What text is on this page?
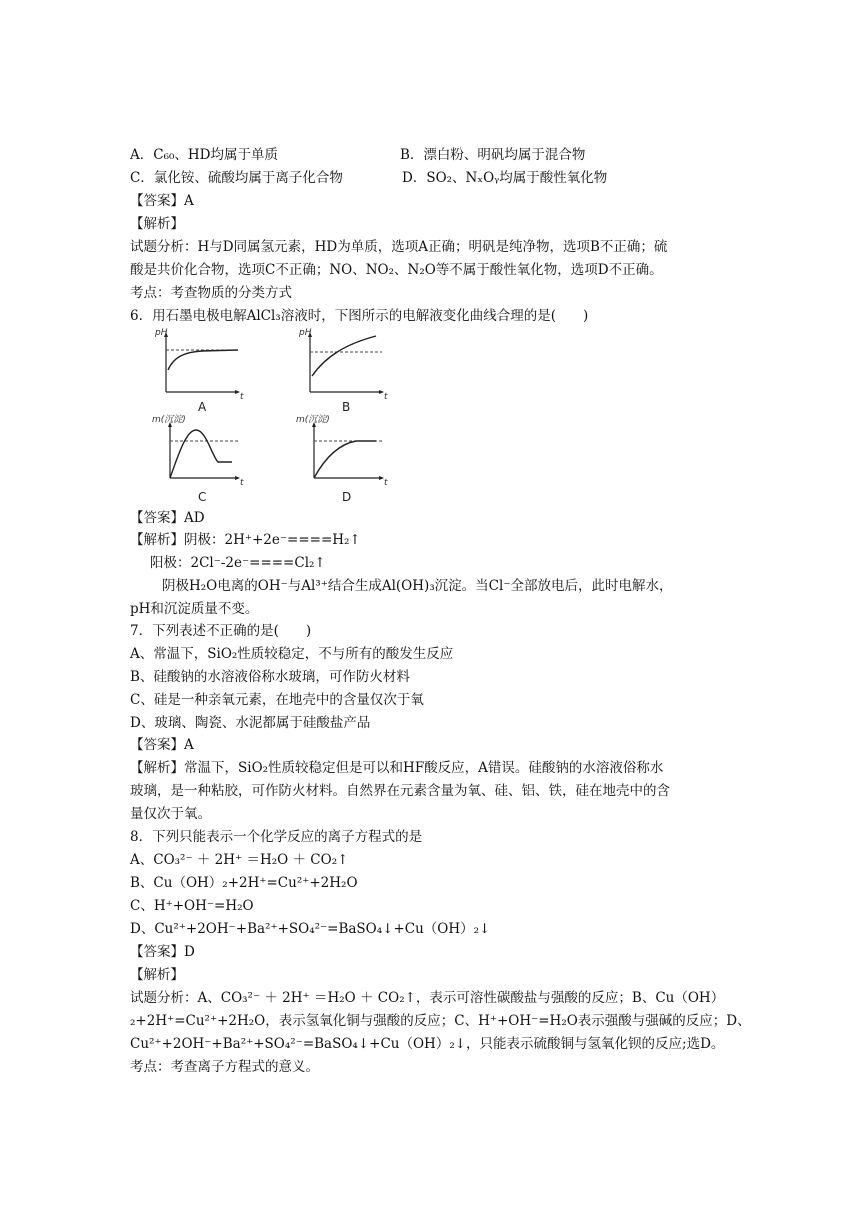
A．C₆₀、HD均属于单质	B．漂白粉、明矾均属于混合物
C．氯化铵、硫酸均属于离子化合物	D．SO₂、NₓOᵧ均属于酸性氧化物
【答案】A
【解析】
试题分析：H与D同属氢元素，HD为单质，选项A正确；明矾是纯净物，选项B不正确；硫
酸是共价化合物，选项C不正确；NO、NO₂、N₂O等不属于酸性氧化物，选项D不正确。
考点：考查物质的分类方式
6．用石墨电极电解AlCl₃溶液时，下图所示的电解液变化曲线合理的是(　　)
pH
t
A
pH
t
B
m(沉淀)
t
C
m(沉淀)
t
D
【答案】AD
【解析】阴极：2H⁺+2e⁻====H₂↑
阳极：2Cl⁻-2e⁻====Cl₂↑
阴极H₂O电离的OH⁻与Al³⁺结合生成Al(OH)₃沉淀。当Cl⁻全部放电后，此时电解水，
pH和沉淀质量不变。
7．下列表述不正确的是(　　)
A、常温下，SiO₂性质较稳定，不与所有的酸发生反应
B、硅酸钠的水溶液俗称水玻璃，可作防火材料
C、硅是一种亲氧元素，在地壳中的含量仅次于氧
D、玻璃、陶瓷、水泥都属于硅酸盐产品
【答案】A
【解析】常温下，SiO₂性质较稳定但是可以和HF酸反应，A错误。硅酸钠的水溶液俗称水
玻璃，是一种粘胶，可作防火材料。自然界在元素含量为氧、硅、铝、铁，硅在地壳中的含
量仅次于氧。
8．下列只能表示一个化学反应的离子方程式的是
A、CO₃²⁻ ＋ 2H⁺ ＝H₂O ＋ CO₂↑
B、Cu（OH）₂+2H⁺=Cu²⁺+2H₂O
C、H⁺+OH⁻=H₂O
D、Cu²⁺+2OH⁻+Ba²⁺+SO₄²⁻=BaSO₄↓+Cu（OH）₂↓
【答案】D
【解析】
试题分析：A、CO₃²⁻ ＋ 2H⁺ ＝H₂O ＋ CO₂↑，表示可溶性碳酸盐与强酸的反应；B、Cu（OH）
₂+2H⁺=Cu²⁺+2H₂O，表示氢氧化铜与强酸的反应；C、H⁺+OH⁻=H₂O表示强酸与强碱的反应；D、
Cu²⁺+2OH⁻+Ba²⁺+SO₄²⁻=BaSO₄↓+Cu（OH）₂↓，只能表示硫酸铜与氢氧化钡的反应;选D。
考点：考查离子方程式的意义。
